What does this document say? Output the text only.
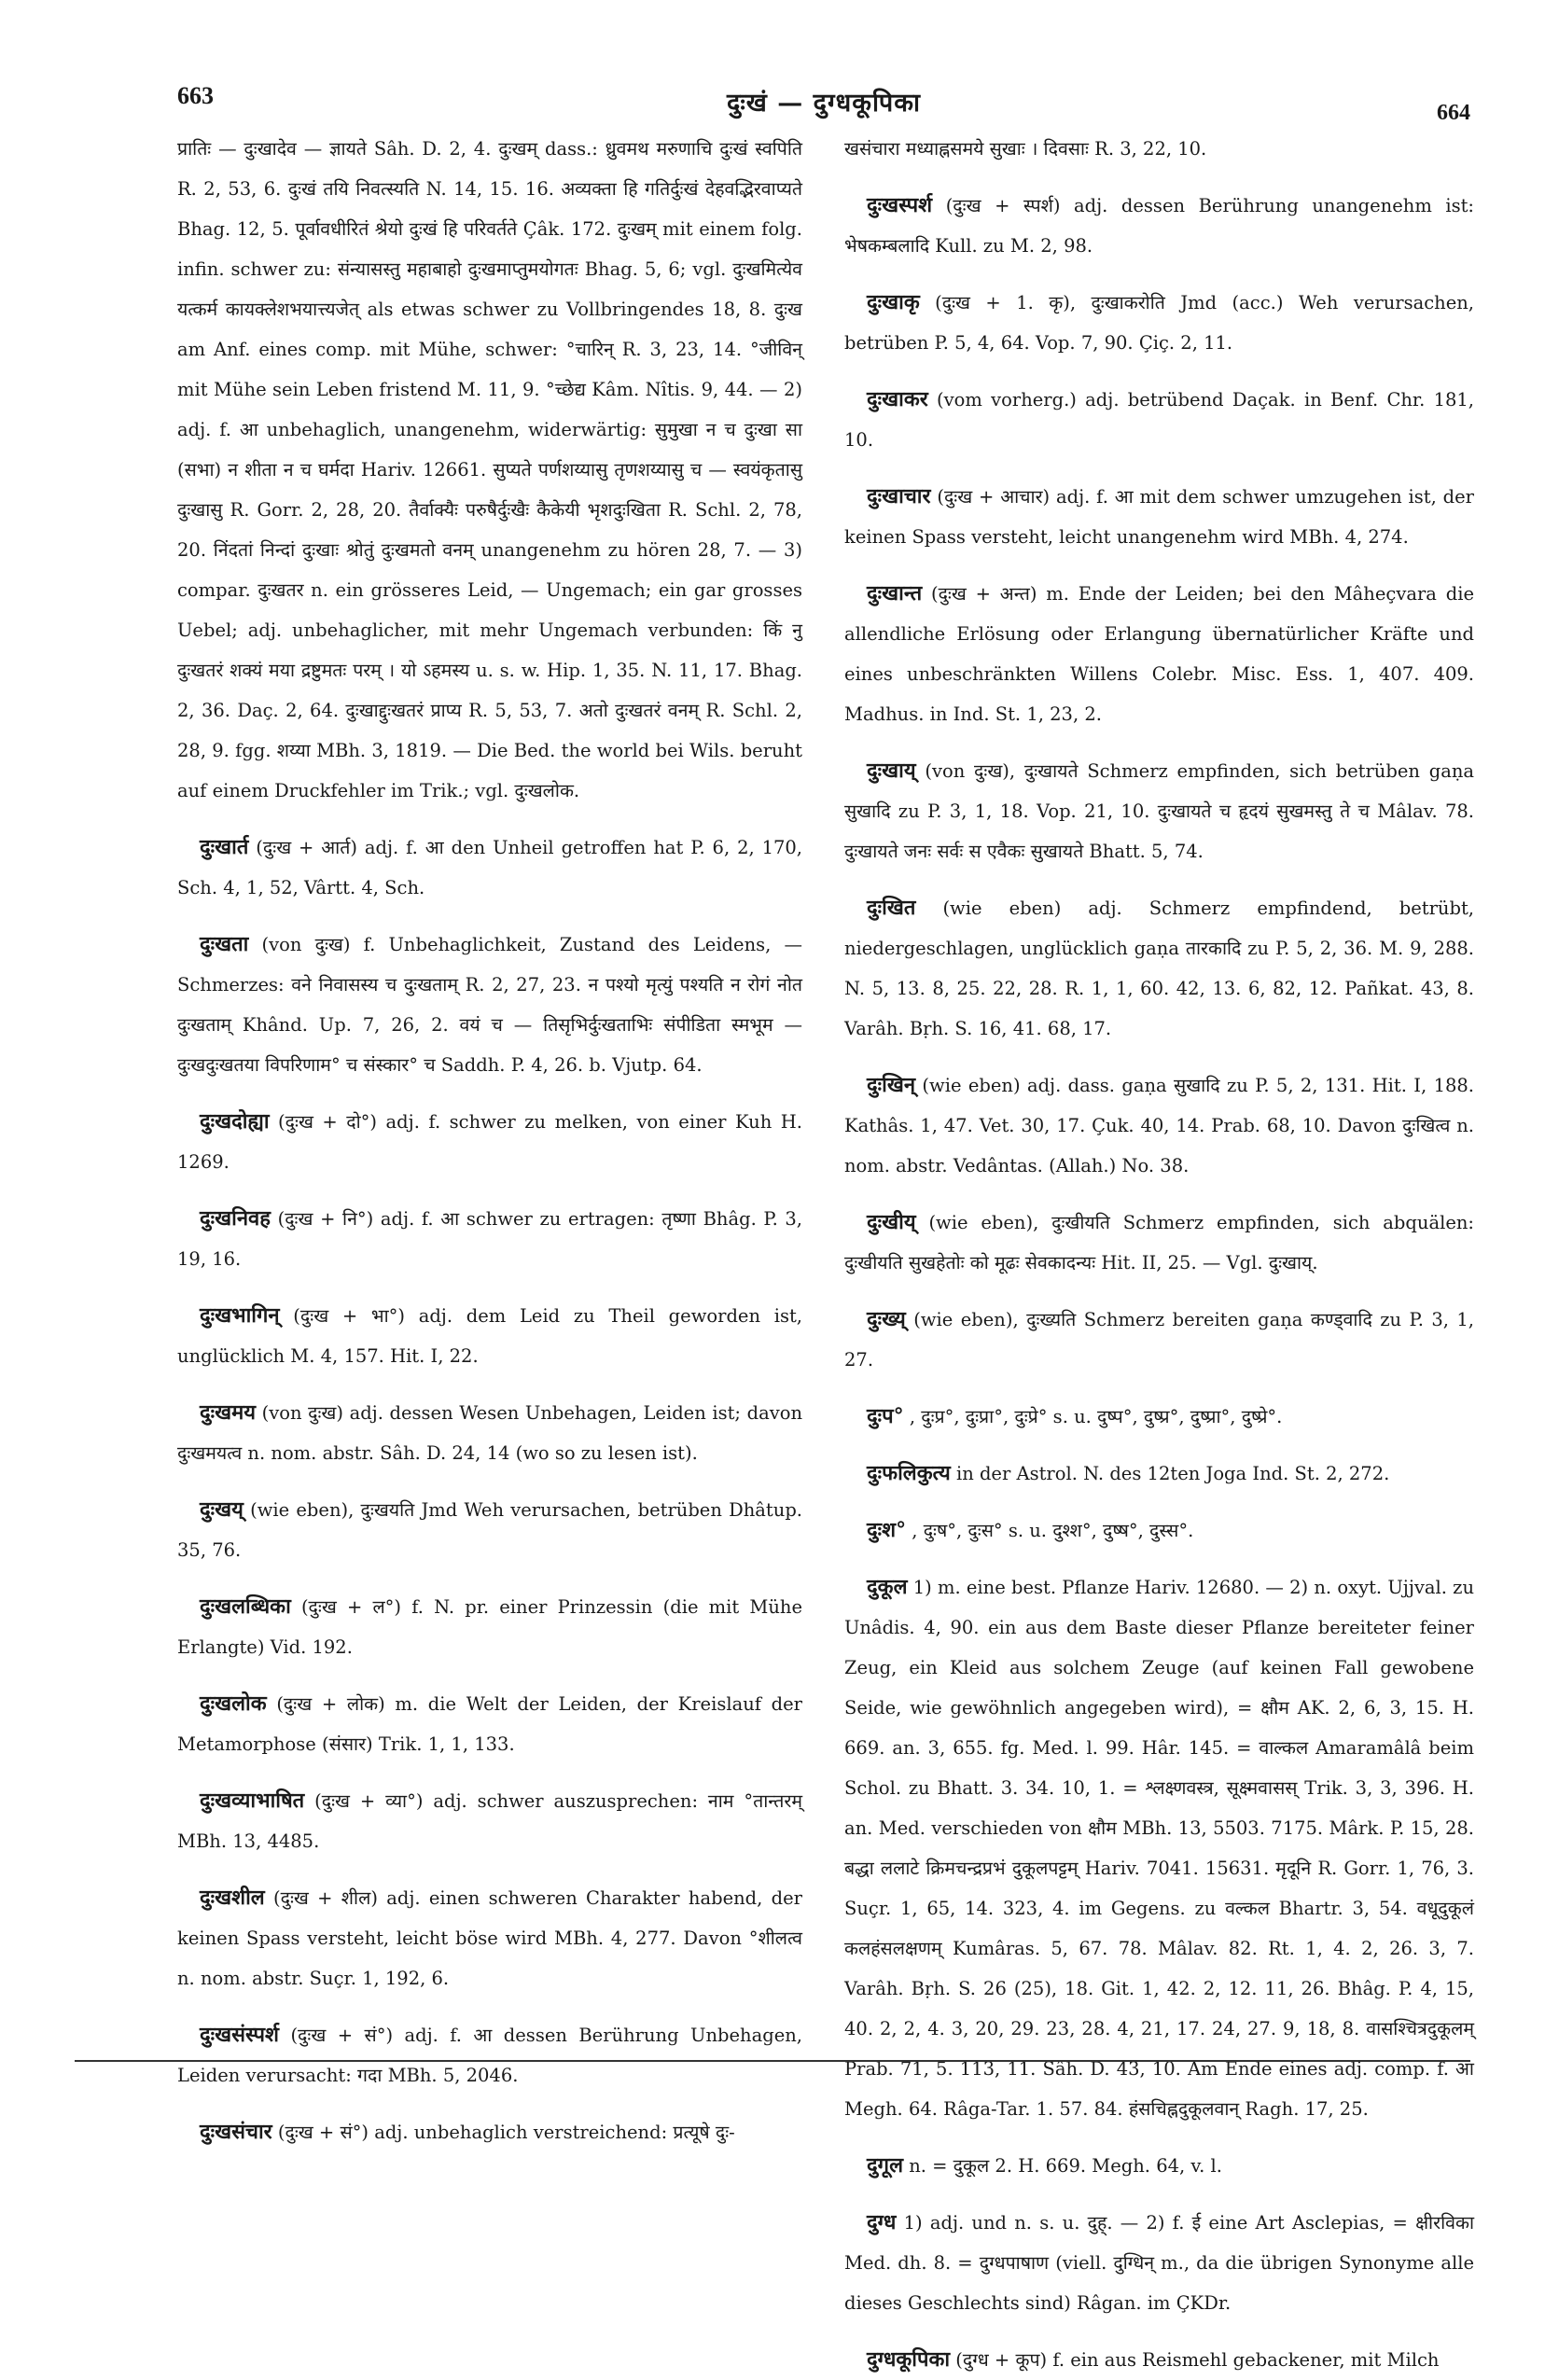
663	दुःखं — दुग्धकूपिका	664

प्रातिः — दुःखादेव — ज्ञायते Sâh. D. 2, 4. दुःखम् dass.: ध्रुवमथ मरुणाचि दुःखं स्वपिति R. 2, 53, 6. दुःखं तयि निवत्स्यति N. 14, 15. 16. अव्यक्ता हि गतिर्दुःखं देहवद्भिरवाप्यते Bhag. 12, 5. पूर्वावधीरितं श्रेयो दुःखं हि परिवर्तते Çâk. 172. दुःखम् mit einem folg. infin. schwer zu: संन्यासस्तु महाबाहो दुःखमाप्तुमयोगतः Bhag. 5, 6; vgl. दुःखमित्येव यत्कर्म कायक्लेशभयात्त्यजेत् als etwas schwer zu Vollbringendes 18, 8. दुःख am Anf. eines comp. mit Mühe, schwer: °चारिन् R. 3, 23, 14. °जीविन् mit Mühe sein Leben fristend M. 11, 9. °च्छेद्य Kâm. Nîtis. 9, 44. — 2) adj. f. आ unbehaglich, unangenehm, widerwärtig: सुमुखा न च दुःखा सा (सभा) न शीता न च घर्मदा Hariv. 12661. सुप्यते पर्णशय्यासु तृणशय्यासु च — स्वयंकृतासु दुःखासु R. Gorr. 2, 28, 20. तैर्वाक्यैः परुषैर्दुःखैः कैकेयी भृशदुःखिता R. Schl. 2, 78, 20. निंदतां निन्दां दुःखाः श्रोतुं दुःखमतो वनम् unangenehm zu hören 28, 7. — 3) compar. दुःखतर n. ein grösseres Leid, — Ungemach; ein gar grosses Uebel; adj. unbehaglicher, mit mehr Ungemach verbunden: किं नु दुःखतरं शक्यं मया द्रष्टुमतः परम् । यो ऽहमस्य u. s. w. Hip. 1, 35. N. 11, 17. Bhag. 2, 36. Daç. 2, 64. दुःखाद्दुःखतरं प्राप्य R. 5, 53, 7. अतो दुःखतरं वनम् R. Schl. 2, 28, 9. fgg. शय्या MBh. 3, 1819. — Die Bed. the world bei Wils. beruht auf einem Druckfehler im Trik.; vgl. दुःखलोक.

दुःखार्त (दुःख + आर्त) adj. f. आ den Unheil getroffen hat P. 6, 2, 170, Sch. 4, 1, 52, Vârtt. 4, Sch.

दुःखता (von दुःख) f. Unbehaglichkeit, Zustand des Leidens, — Schmerzes: वने निवासस्य च दुःखताम् R. 2, 27, 23. न पश्यो मृत्युं पश्यति न रोगं नोत दुःखताम् Khând. Up. 7, 26, 2. वयं च — तिसृभिर्दुःखताभिः संपीडिता स्मभूम — दुःखदुःखतया विपरिणाम° च संस्कार° च Saddh. P. 4, 26. b. Vjutp. 64.

दुःखदोह्या (दुःख + दो°) adj. f. schwer zu melken, von einer Kuh H. 1269.

दुःखनिवह (दुःख + नि°) adj. f. आ schwer zu ertragen: तृष्णा Bhâg. P. 3, 19, 16.

दुःखभागिन् (दुःख + भा°) adj. dem Leid zu Theil geworden ist, unglücklich M. 4, 157. Hit. I, 22.

दुःखमय (von दुःख) adj. dessen Wesen Unbehagen, Leiden ist; davon दुःखमयत्व n. nom. abstr. Sâh. D. 24, 14 (wo so zu lesen ist).

दुःखय् (wie eben), दुःखयति Jmd Weh verursachen, betrüben Dhâtup. 35, 76.

दुःखलब्धिका (दुःख + ल°) f. N. pr. einer Prinzessin (die mit Mühe Erlangte) Vid. 192.

दुःखलोक (दुःख + लोक) m. die Welt der Leiden, der Kreislauf der Metamorphose (संसार) Trik. 1, 1, 133.

दुःखव्याभाषित (दुःख + व्या°) adj. schwer auszusprechen: नाम °तान्तरम् MBh. 13, 4485.

दुःखशील (दुःख + शील) adj. einen schweren Charakter habend, der keinen Spass versteht, leicht böse wird MBh. 4, 277. Davon °शीलत्व n. nom. abstr. Suçr. 1, 192, 6.

दुःखसंस्पर्श (दुःख + सं°) adj. f. आ dessen Berührung Unbehagen, Leiden verursacht: गदा MBh. 5, 2046.

दुःखसंचार (दुःख + सं°) adj. unbehaglich verstreichend: प्रत्यूषे दुः-

खसंचारा मध्याह्नसमये सुखाः । दिवसाः R. 3, 22, 10.

दुःखस्पर्श (दुःख + स्पर्श) adj. dessen Berührung unangenehm ist: भेषकम्बलादि Kull. zu M. 2, 98.

दुःखाकृ (दुःख + 1. कृ), दुःखाकरोति Jmd (acc.) Weh verursachen, betrüben P. 5, 4, 64. Vop. 7, 90. Çiç. 2, 11.

दुःखाकर (vom vorherg.) adj. betrübend Daçak. in Benf. Chr. 181, 10.

दुःखाचार (दुःख + आचार) adj. f. आ mit dem schwer umzugehen ist, der keinen Spass versteht, leicht unangenehm wird MBh. 4, 274.

दुःखान्त (दुःख + अन्त) m. Ende der Leiden; bei den Mâheçvara die allendliche Erlösung oder Erlangung übernatürlicher Kräfte und eines unbeschränkten Willens Colebr. Misc. Ess. 1, 407. 409. Madhus. in Ind. St. 1, 23, 2.

दुःखाय् (von दुःख), दुःखायते Schmerz empfinden, sich betrüben gaṇa सुखादि zu P. 3, 1, 18. Vop. 21, 10. दुःखायते च हृदयं सुखमस्तु ते च Mâlav. 78. दुःखायते जनः सर्वः स एवैकः सुखायते Bhatt. 5, 74.

दुःखित (wie eben) adj. Schmerz empfindend, betrübt, niedergeschlagen, unglücklich gaṇa तारकादि zu P. 5, 2, 36. M. 9, 288. N. 5, 13. 8, 25. 22, 28. R. 1, 1, 60. 42, 13. 6, 82, 12. Pañkat. 43, 8. Varâh. Bṛh. S. 16, 41. 68, 17.

दुःखिन् (wie eben) adj. dass. gaṇa सुखादि zu P. 5, 2, 131. Hit. I, 188. Kathâs. 1, 47. Vet. 30, 17. Çuk. 40, 14. Prab. 68, 10. Davon दुःखित्व n. nom. abstr. Vedântas. (Allah.) No. 38.

दुःखीय् (wie eben), दुःखीयति Schmerz empfinden, sich abquälen: दुःखीयति सुखहेतोः को मूढः सेवकादन्यः Hit. II, 25. — Vgl. दुःखाय्.

दुःख्य् (wie eben), दुःख्यति Schmerz bereiten gaṇa कण्ड्वादि zu P. 3, 1, 27.

दुःप° , दुःप्र°, दुःप्रा°, दुःप्रे° s. u. दुष्प°, दुष्प्र°, दुष्प्रा°, दुष्प्रे°.

दुःफलिकुत्य in der Astrol. N. des 12ten Joga Ind. St. 2, 272.

दुःश° , दुःष°, दुःस° s. u. दुश्श°, दुष्ष°, दुस्स°.

दुकूल 1) m. eine best. Pflanze Hariv. 12680. — 2) n. oxyt. Ujjval. zu Unâdis. 4, 90. ein aus dem Baste dieser Pflanze bereiteter feiner Zeug, ein Kleid aus solchem Zeuge (auf keinen Fall gewobene Seide, wie gewöhnlich angegeben wird), = क्षौम AK. 2, 6, 3, 15. H. 669. an. 3, 655. fg. Med. l. 99. Hâr. 145. = वाल्कल Amaramâlâ beim Schol. zu Bhatt. 3. 34. 10, 1. = श्लक्ष्णवस्त्र, सूक्ष्मवासस् Trik. 3, 3, 396. H. an. Med. verschieden von क्षौम MBh. 13, 5503. 7175. Mârk. P. 15, 28. बद्धा ललाटे क्रिमचन्द्रप्रभं दुकूलपट्टम् Hariv. 7041. 15631. मृदूनि R. Gorr. 1, 76, 3. Suçr. 1, 65, 14. 323, 4. im Gegens. zu वल्कल Bhartr. 3, 54. वधूदुकूलं कलहंसलक्षणम् Kumâras. 5, 67. 78. Mâlav. 82. Rt. 1, 4. 2, 26. 3, 7. Varâh. Bṛh. S. 26 (25), 18. Git. 1, 42. 2, 12. 11, 26. Bhâg. P. 4, 15, 40. 2, 2, 4. 3, 20, 29. 23, 28. 4, 21, 17. 24, 27. 9, 18, 8. वासश्चित्रदुकूलम् Prab. 71, 5. 113, 11. Sâh. D. 43, 10. Am Ende eines adj. comp. f. आ Megh. 64. Râga-Tar. 1. 57. 84. हंसचिह्नदुकूलवान् Ragh. 17, 25.

दुगूल n. = दुकूल 2. H. 669. Megh. 64, v. l.

दुग्ध 1) adj. und n. s. u. दुह्. — 2) f. ई eine Art Asclepias, = क्षीरविका Med. dh. 8. = दुग्धपाषाण (viell. दुग्धिन् m., da die übrigen Synonyme alle dieses Geschlechts sind) Râgan. im ÇKDr.

दुग्धकूपिका (दुग्ध + कूप) f. ein aus Reismehl gebackener, mit Milch
